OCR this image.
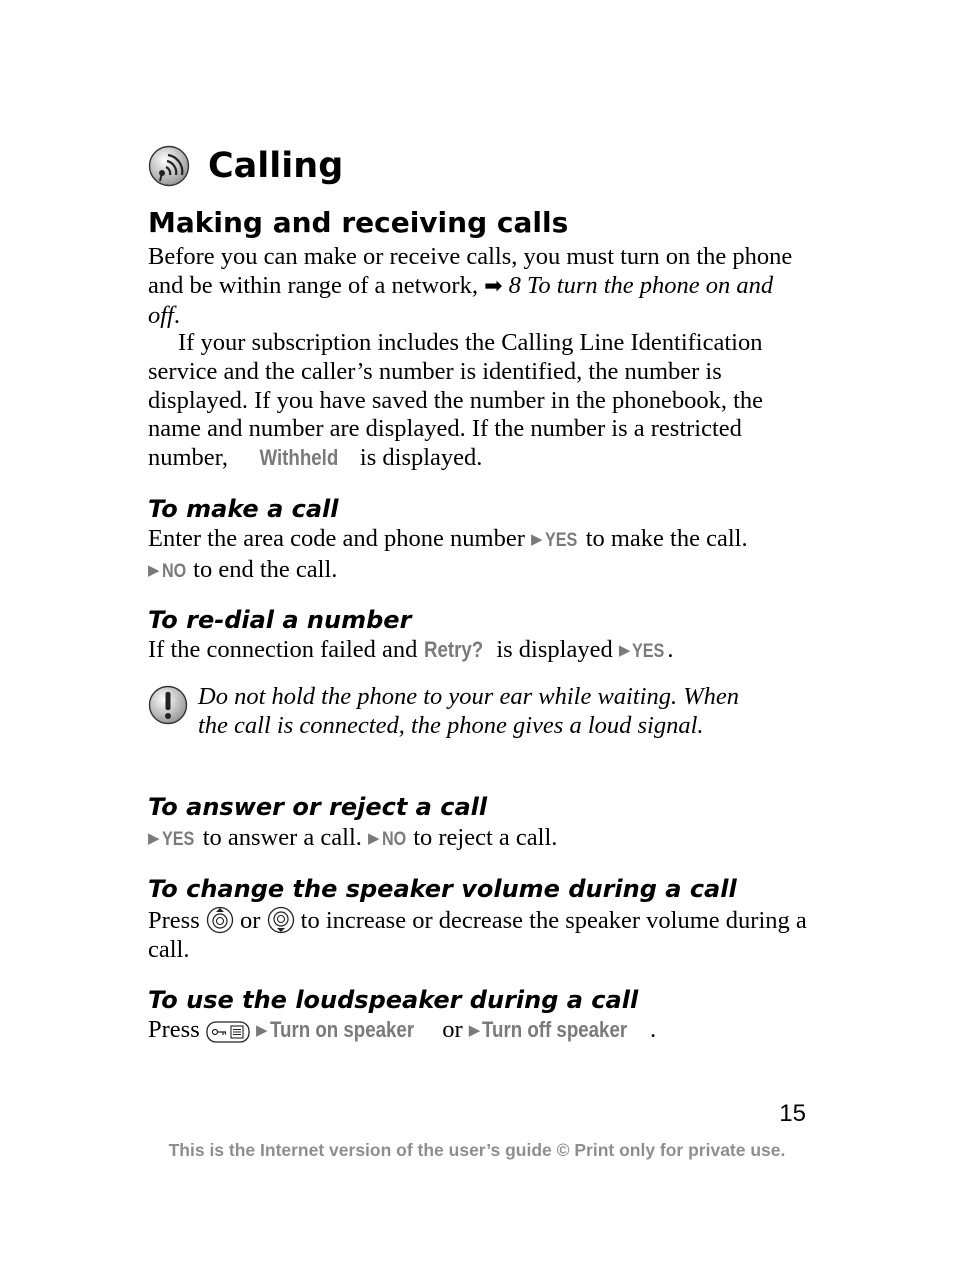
Calling
Making and receiving calls
Before you can make or receive calls, you must turn on the phone and be within range of a network, ➡ 8 To turn the phone on and off.
If your subscription includes the Calling Line Identification service and the caller’s number is identified, the number is displayed. If you have saved the number in the phonebook, the name and number are displayed. If the number is a restricted number, Withheld is displayed.
To make a call
Enter the area code and phone number ▶ YES to make the call.
▶ NO to end the call.
To re-dial a number
If the connection failed and Retry? is displayed ▶ YES .
Do not hold the phone to your ear while waiting. When the call is connected, the phone gives a loud signal.
To answer or reject a call
▶ YES to answer a call. ▶ NO to reject a call.
To change the speaker volume during a call
Press or to increase or decrease the speaker volume during a call.
To use the loudspeaker during a call
Press	▶Turn on speaker or ▶Turn off speaker .
15
This is the Internet version of the user’s guide © Print only for private use.
